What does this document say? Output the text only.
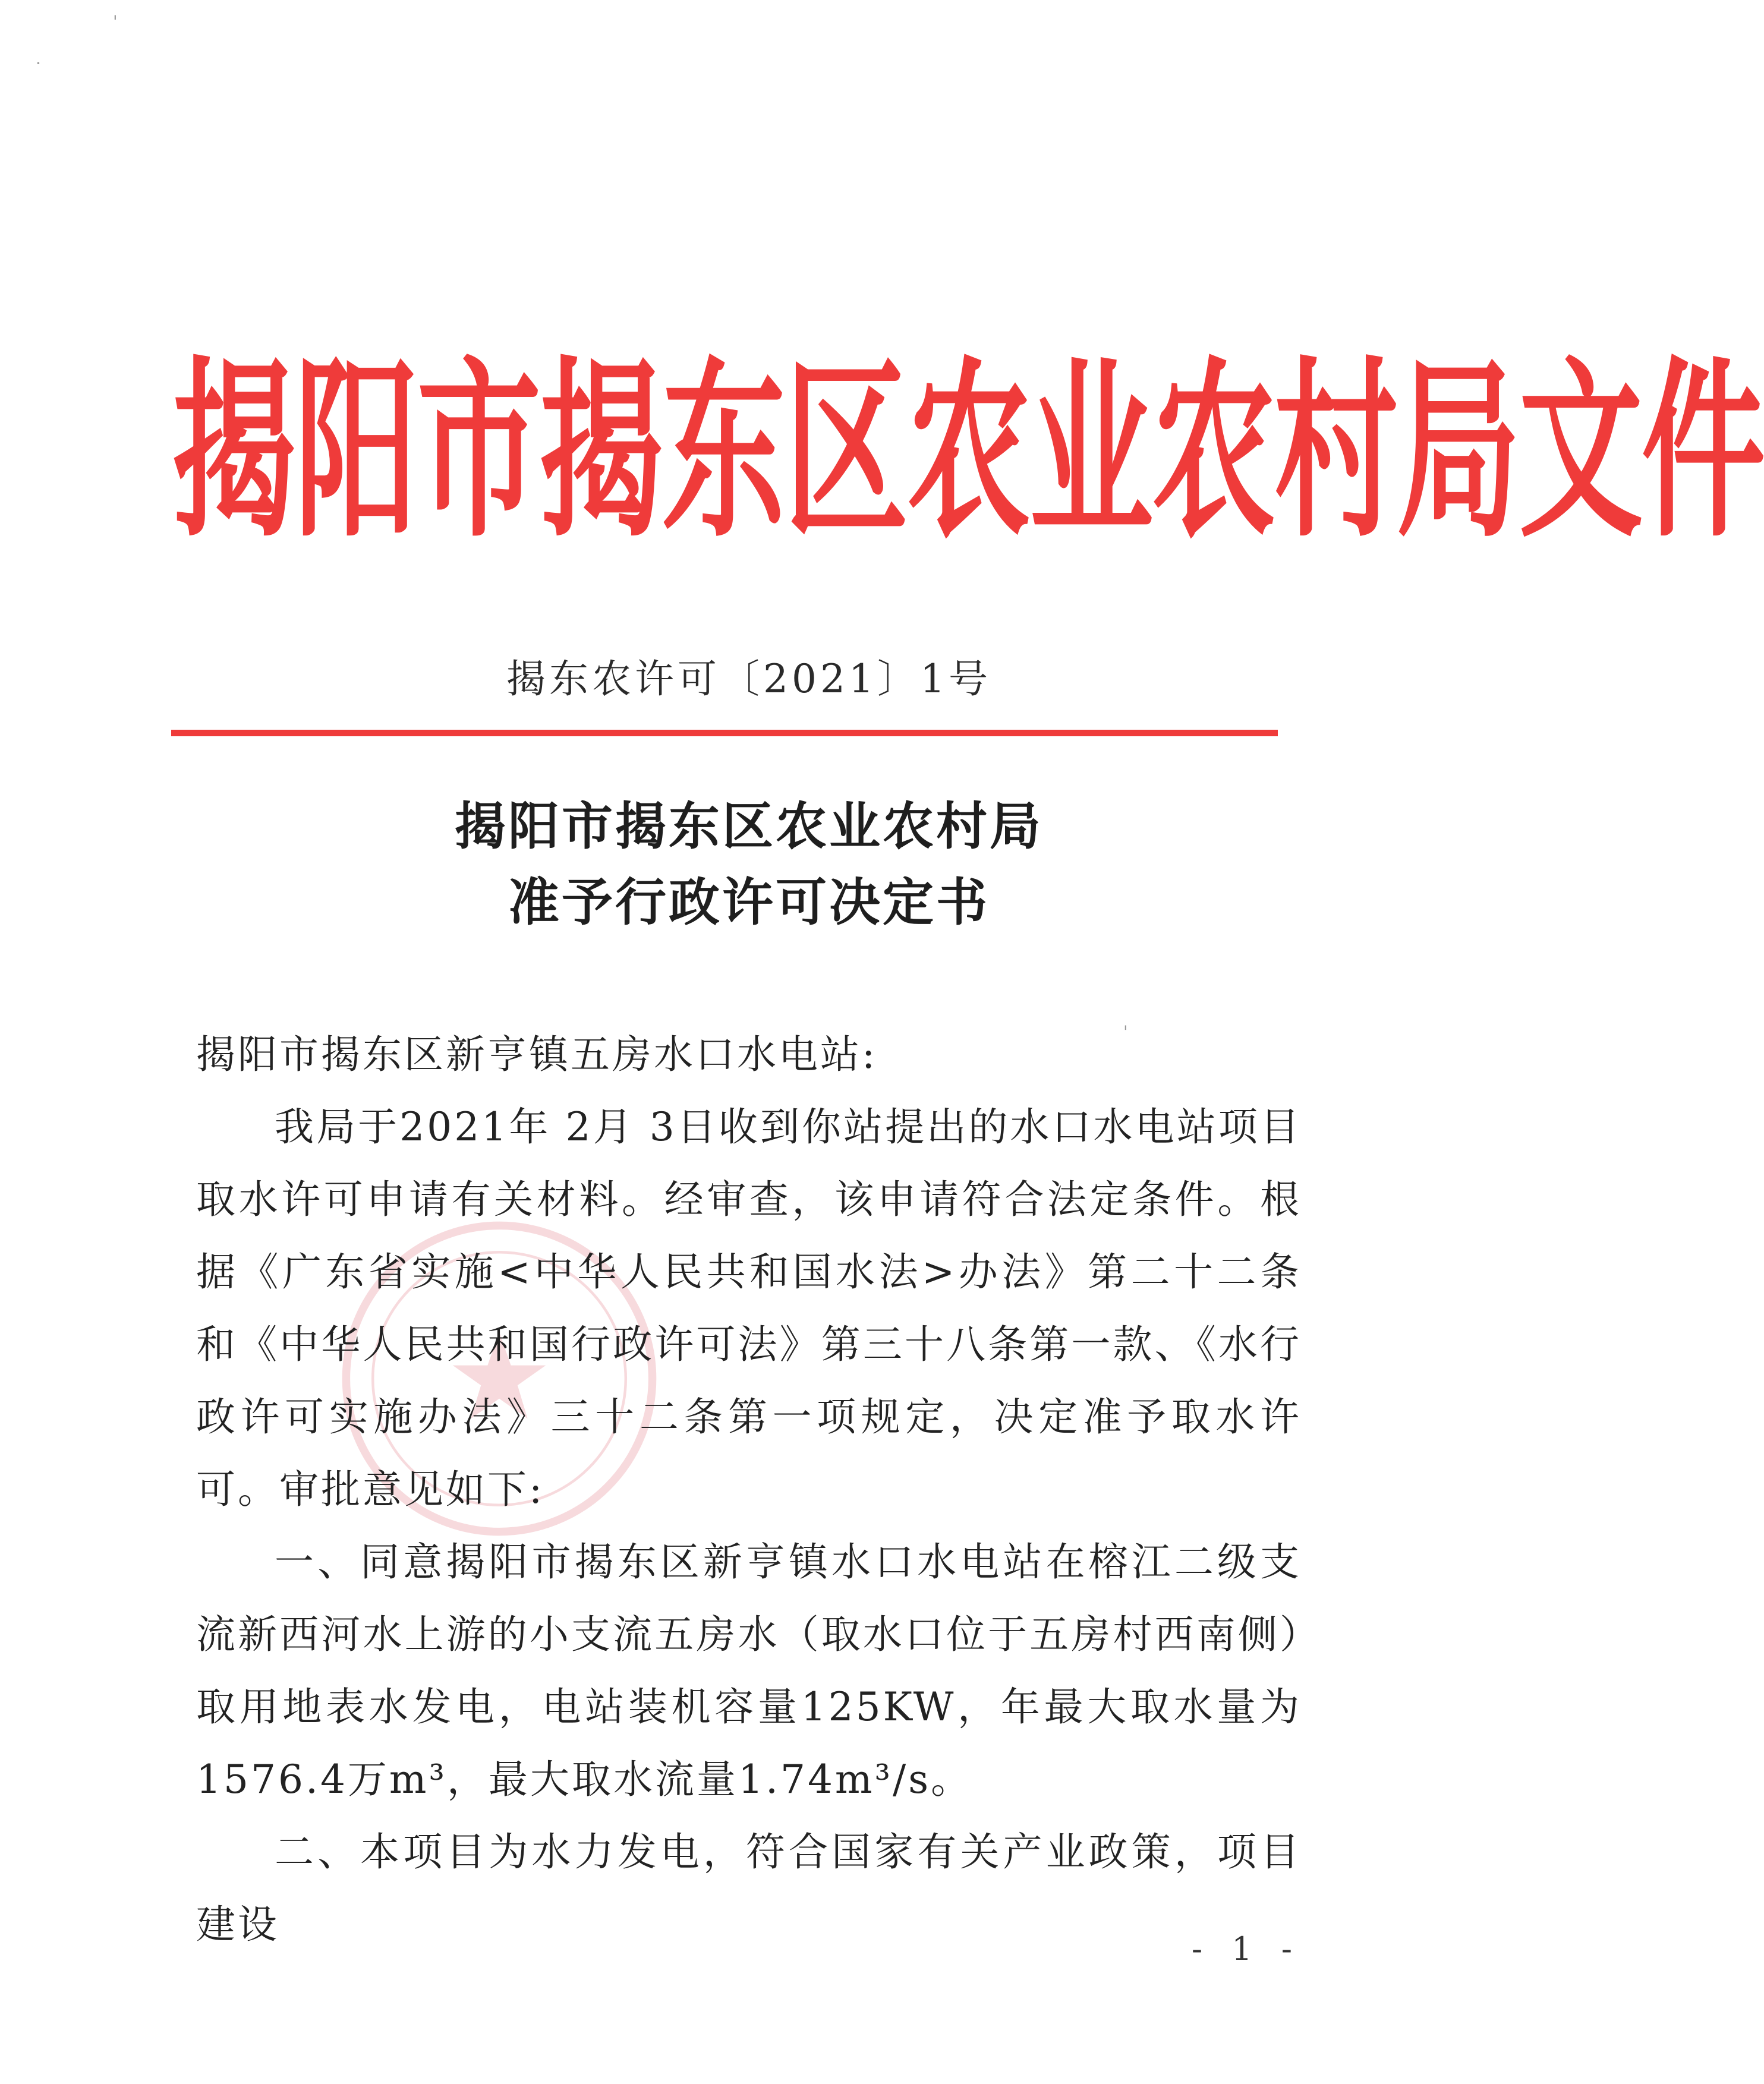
揭阳市揭东区农业农村局文件
揭东农许可〔2021〕1号
揭阳市揭东区农业农村局
准予行政许可决定书

揭阳市揭东区新亨镇五房水口水电站:

我局于2021年 2月 3日收到你站提出的水口水电站项目取水许可申请有关材料。经审查，该申请符合法定条件。根据《广东省实施<中华人民共和国水法>办法》第二十二条和《中华人民共和国行政许可法》第三十八条第一款、《水行政许可实施办法》三十二条第一项规定，决定准予取水许可。审批意见如下:

一、同意揭阳市揭东区新亨镇水口水电站在榕江二级支流新西河水上游的小支流五房水（取水口位于五房村西南侧）取用地表水发电，电站装机容量125KW，年最大取水量为1576.4万m³，最大取水流量1.74m³/s。

二、本项目为水力发电，符合国家有关产业政策，项目建设

- 1 -
'
·
'
